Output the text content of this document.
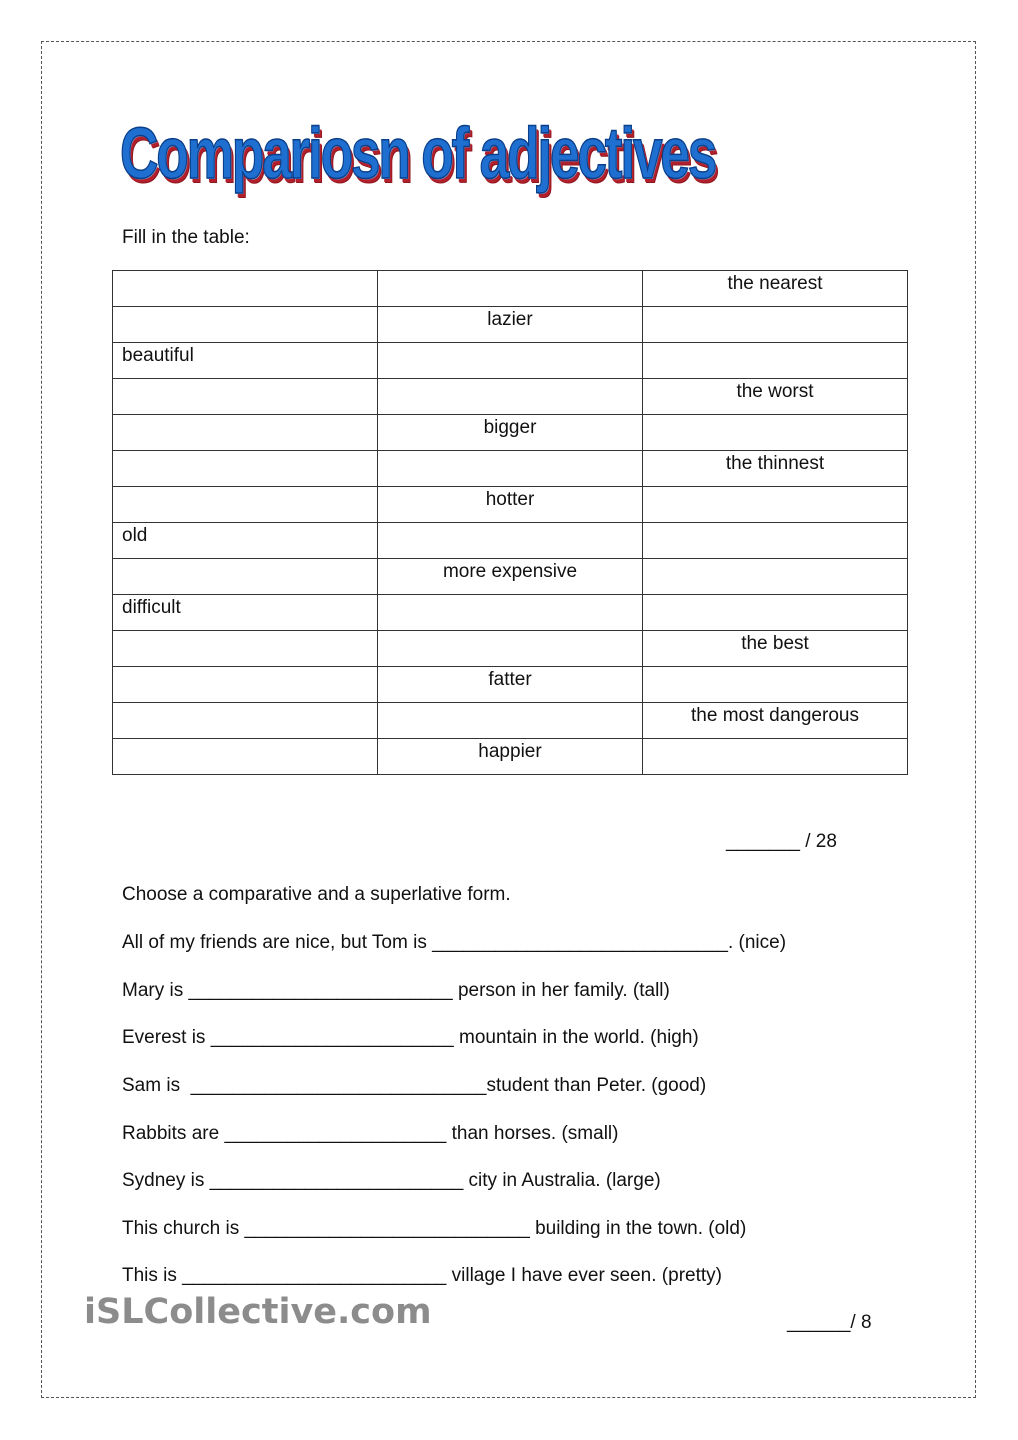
Compariosn of adjectives
Fill in the table:

		the nearest

	lazier	

beautiful		

		the worst

	bigger	

		the thinnest

	hotter	

old		

	more expensive	

difficult		

		the best

	fatter	

		the most dangerous

	happier	

_______ / 28
Choose a comparative and a superlative form.
All of my friends are nice, but Tom is ____________________________. (nice)
Mary is _________________________ person in her family. (tall)
Everest is _______________________ mountain in the world. (high)
Sam is  ____________________________student than Peter. (good)
Rabbits are _____________________ than horses. (small)
Sydney is ________________________ city in Australia. (large)
This church is ___________________________ building in the town. (old)
This is _________________________ village I have ever seen. (pretty)
iSLCollective.com	______/ 8
